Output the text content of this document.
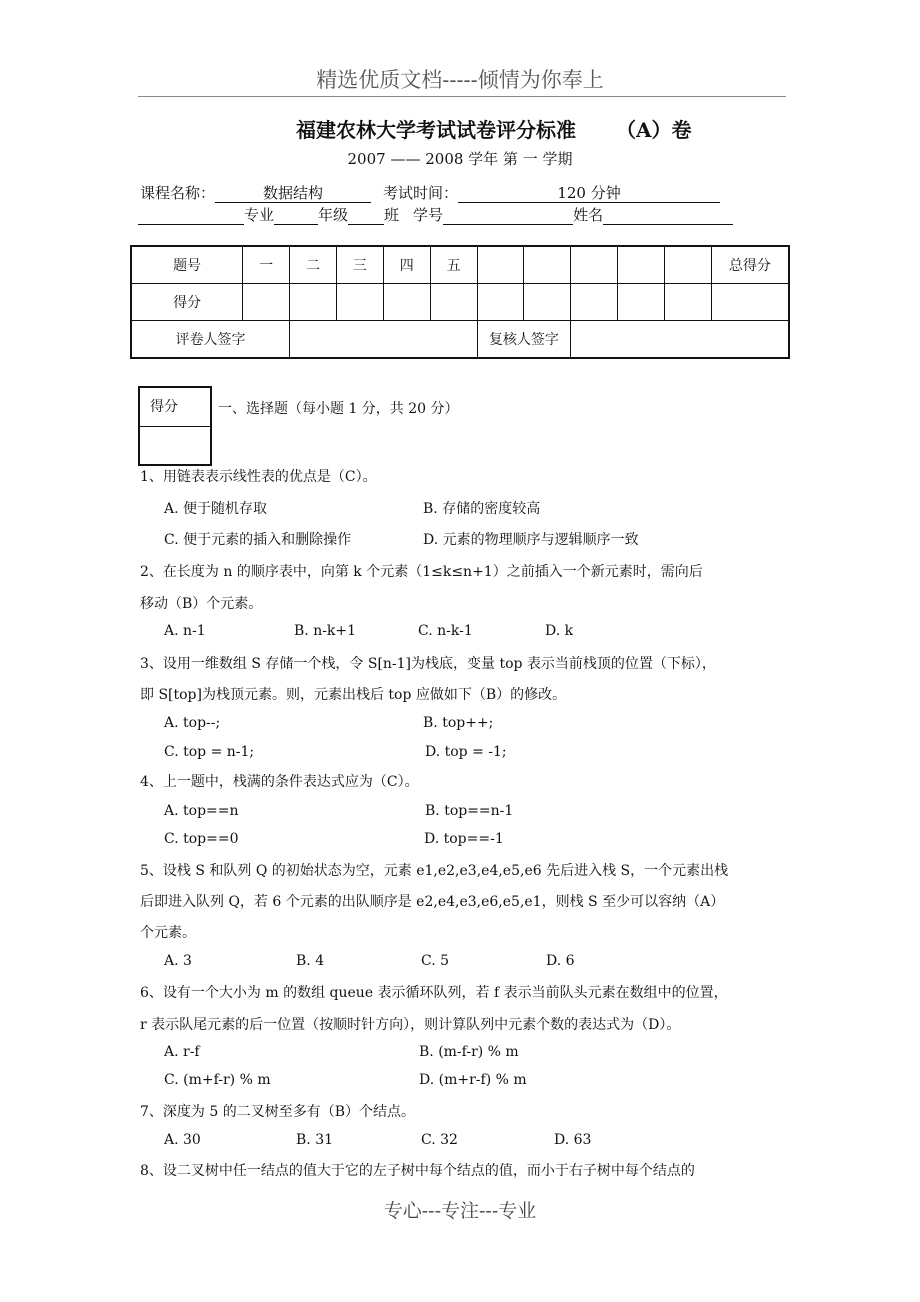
精选优质文档-----倾情为你奉上
福建农林大学考试试卷评分标准 （A）卷
2007 —— 2008 学年 第 一 学期
课程名称：	数据结构	考试时间：	120 分钟
专业	年级 班 学号	姓名
题号	一	二	三	四	五						总得分
得分											
评卷人签字						复核人签字					
得分	一、选择题（每小题 1 分，共 20 分）
1、用链表表示线性表的优点是（C）。
A. 便于随机存取	B. 存储的密度较高
C. 便于元素的插入和删除操作	D. 元素的物理顺序与逻辑顺序一致
2、在长度为 n 的顺序表中，向第 k 个元素（1≤k≤n+1）之前插入一个新元素时，需向后
移动（B）个元素。
A. n-1	B. n-k+1	C. n-k-1	D. k
3、设用一维数组 S 存储一个栈，令 S[n-1]为栈底，变量 top 表示当前栈顶的位置（下标），
即 S[top]为栈顶元素。则，元素出栈后 top 应做如下（B）的修改。
A. top--;	B. top++;
C. top = n-1;	D. top = -1;
4、上一题中，栈满的条件表达式应为（C）。
A. top==n	B. top==n-1
C. top==0	D. top==-1
5、设栈 S 和队列 Q 的初始状态为空，元素 e1,e2,e3,e4,e5,e6 先后进入栈 S，一个元素出栈
后即进入队列 Q，若 6 个元素的出队顺序是 e2,e4,e3,e6,e5,e1，则栈 S 至少可以容纳（A）
个元素。
A. 3	B. 4	C. 5	D. 6
6、设有一个大小为 m 的数组 queue 表示循环队列，若 f 表示当前队头元素在数组中的位置，
r 表示队尾元素的后一位置（按顺时针方向），则计算队列中元素个数的表达式为（D）。
A. r-f	B. (m-f-r) % m
C. (m+f-r) % m	D. (m+r-f) % m
7、深度为 5 的二叉树至多有（B）个结点。
A. 30	B. 31	C. 32	D. 63
8、设二叉树中任一结点的值大于它的左子树中每个结点的值，而小于右子树中每个结点的
专心---专注---专业
